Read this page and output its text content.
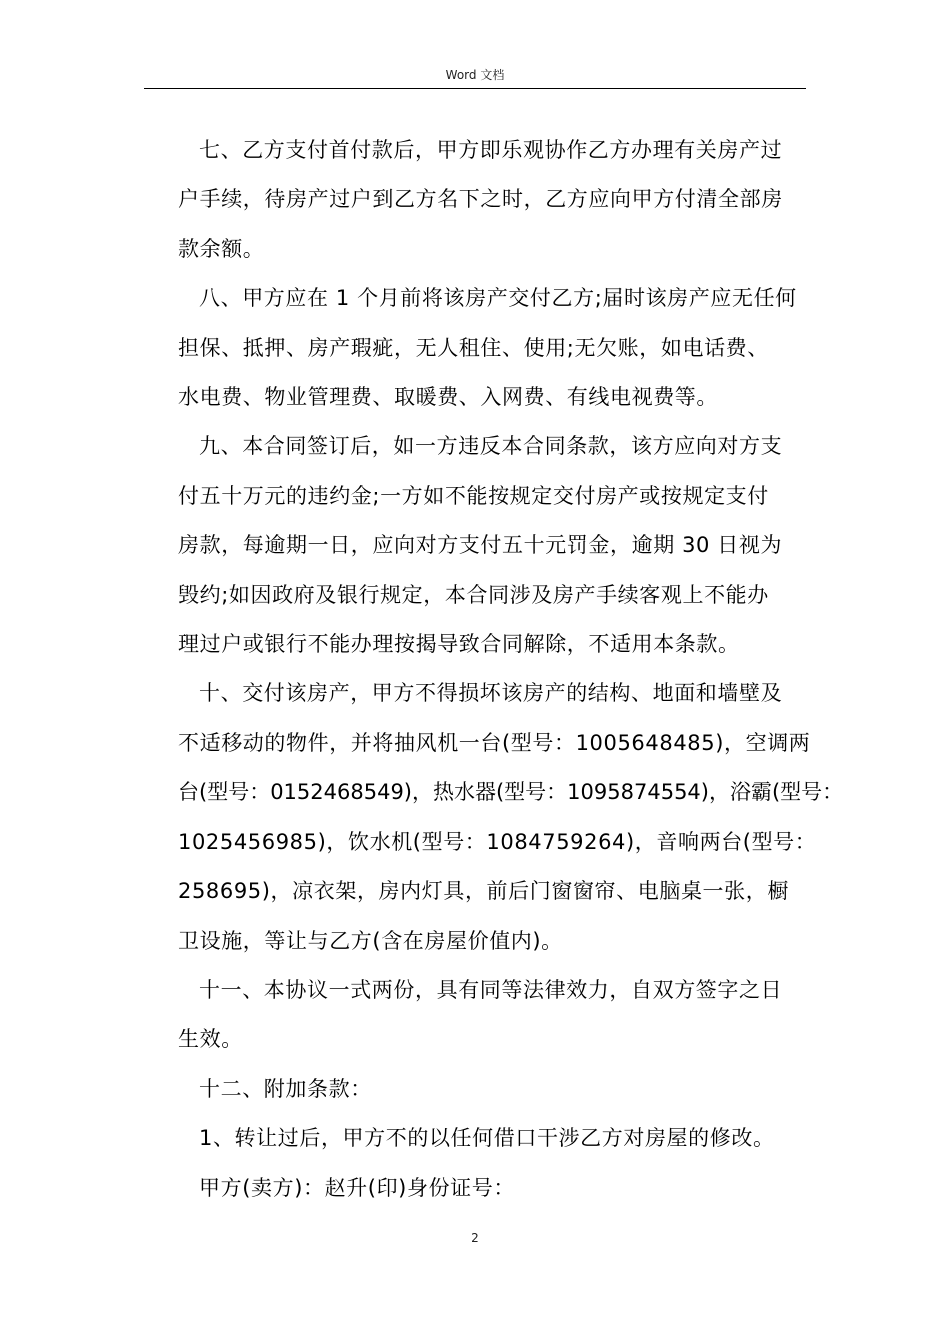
Word 文档

七、乙方支付首付款后，甲方即乐观协作乙方办理有关房产过
户手续，待房产过户到乙方名下之时，乙方应向甲方付清全部房
款余额。

八、甲方应在 1 个月前将该房产交付乙方;届时该房产应无任何
担保、抵押、房产瑕疵，无人租住、使用;无欠账，如电话费、
水电费、物业管理费、取暖费、入网费、有线电视费等。

九、本合同签订后，如一方违反本合同条款，该方应向对方支
付五十万元的违约金;一方如不能按规定交付房产或按规定支付
房款，每逾期一日，应向对方支付五十元罚金，逾期 30 日视为
毁约;如因政府及银行规定，本合同涉及房产手续客观上不能办
理过户或银行不能办理按揭导致合同解除，不适用本条款。

十、交付该房产，甲方不得损坏该房产的结构、地面和墙壁及
不适移动的物件，并将抽风机一台(型号：1005648485)，空调两
台(型号：0152468549)，热水器(型号：1095874554)，浴霸(型号：
1025456985)，饮水机(型号：1084759264)，音响两台(型号：
258695)，凉衣架，房内灯具，前后门窗窗帘、电脑桌一张，橱
卫设施，等让与乙方(含在房屋价值内)。

十一、本协议一式两份，具有同等法律效力，自双方签字之日
生效。

十二、附加条款：

1、转让过后，甲方不的以任何借口干涉乙方对房屋的修改。

甲方(卖方)：赵升(印)身份证号：

2
